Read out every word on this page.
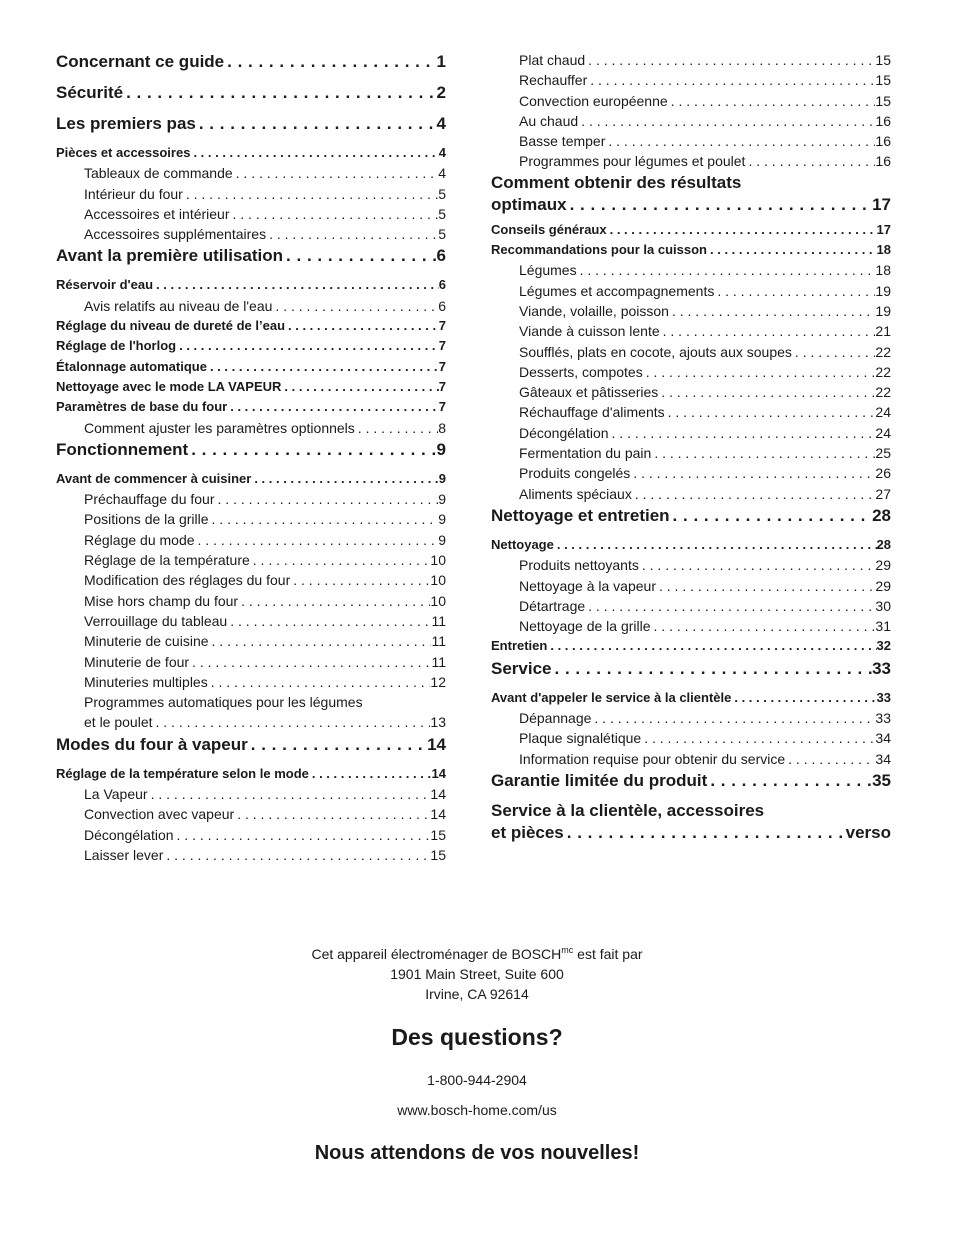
Concernant ce guide . . .	1
Sécurité . . .	2
Les premiers pas . . .	4
Pièces et accessoires . . .	4
Tableaux de commande . . .	4
Intérieur du four . . .	5
Accessoires et intérieur . . .	5
Accessoires supplémentaires . . .	5
Avant la première utilisation . . .	6
Réservoir d'eau . . .	6
Avis relatifs au niveau de l'eau . . .	6
Réglage du niveau de dureté de l’eau . . .	7
Réglage de l'horlog . . .	7
Étalonnage automatique . . .	7
Nettoyage avec le mode LA VAPEUR . . .	7
Paramètres de base du four . . .	7
Comment ajuster les paramètres optionnels . . .	8
Fonctionnement . . .	9
Avant de commencer à cuisiner . . .	9
Préchauffage du four . . .	9
Positions de la grille . . .	9
Réglage du mode . . .	9
Réglage de la température . . .	10
Modification des réglages du four . . .	10
Mise hors champ du four . . .	10
Verrouillage du tableau . . .	11
Minuterie de cuisine . . .	11
Minuterie de four . . .	11
Minuteries multiples . . .	12
Programmes automatiques pour les légumes
et le poulet . . .	13
Modes du four à vapeur . . .	14
Réglage de la température selon le mode . . .	14
La Vapeur . . .	14
Convection avec vapeur . . .	14
Décongélation . . .	15
Laisser lever . . .	15
Plat chaud . . .	15
Rechauffer . . .	15
Convection européenne . . .	15
Au chaud . . .	16
Basse temper . . .	16
Programmes pour légumes et poulet . . .	16
Comment obtenir des résultats
optimaux . . .	17
Conseils généraux . . .	17
Recommandations pour la cuisson . . .	18
Légumes . . .	18
Légumes et accompagnements . . .	19
Viande, volaille, poisson . . .	19
Viande à cuisson lente . . .	21
Soufflés, plats en cocote, ajouts aux soupes . . .	22
Desserts, compotes . . .	22
Gâteaux et pâtisseries . . .	22
Réchauffage d'aliments . . .	24
Décongélation . . .	24
Fermentation du pain . . .	25
Produits congelés . . .	26
Aliments spéciaux . . .	27
Nettoyage et entretien . . .	28
Nettoyage . . .	28
Produits nettoyants . . .	29
Nettoyage à la vapeur . . .	29
Détartrage . . .	30
Nettoyage de la grille . . .	31
Entretien . . .	32
Service . . .	33
Avant d'appeler le service à la clientèle . . .	33
Dépannage . . .	33
Plaque signalétique . . .	34
Information requise pour obtenir du service . . .	34
Garantie limitée du produit . . .	35
Service à la clientèle, accessoires
et pièces . . .	verso
Cet appareil électroménager de $BOSCH^{mc}$ est fait par
1901 Main Street, Suite 600
Irvine, CA 92614
Des questions?
1-800-944-2904
www.bosch-home.com/us
Nous attendons de vos nouvelles!
